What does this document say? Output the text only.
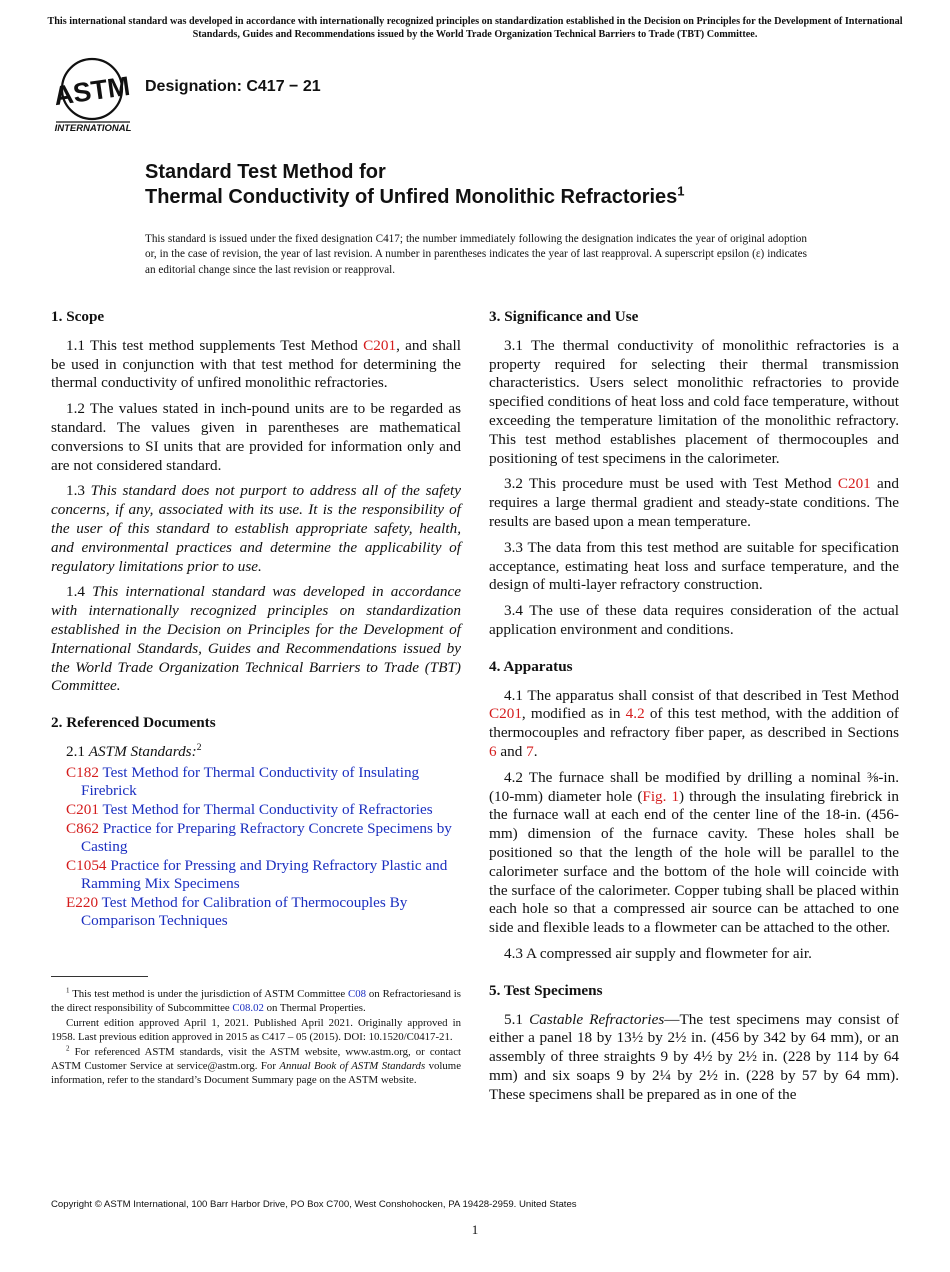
This international standard was developed in accordance with internationally recognized principles on standardization established in the Decision on Principles for the Development of International Standards, Guides and Recommendations issued by the World Trade Organization Technical Barriers to Trade (TBT) Committee.
ASTM
INTERNATIONAL
Designation: C417 − 21
Standard Test Method for
Thermal Conductivity of Unfired Monolithic Refractories$^1$
This standard is issued under the fixed designation C417; the number immediately following the designation indicates the year of original adoption or, in the case of revision, the year of last revision. A number in parentheses indicates the year of last reapproval. A superscript epsilon (ε) indicates an editorial change since the last revision or reapproval.
1. Scope

1.1 This test method supplements Test Method C201, and shall be used in conjunction with that test method for determining the thermal conductivity of unfired monolithic refractories.

1.2 The values stated in inch-pound units are to be regarded as standard. The values given in parentheses are mathematical conversions to SI units that are provided for information only and are not considered standard.

1.3 This standard does not purport to address all of the safety concerns, if any, associated with its use. It is the responsibility of the user of this standard to establish appropriate safety, health, and environmental practices and determine the applicability of regulatory limitations prior to use.

1.4 This international standard was developed in accordance with internationally recognized principles on standardization established in the Decision on Principles for the Development of International Standards, Guides and Recommendations issued by the World Trade Organization Technical Barriers to Trade (TBT) Committee.

2. Referenced Documents

2.1 ASTM Standards:$^2$

C182 Test Method for Thermal Conductivity of Insulating Firebrick
C201 Test Method for Thermal Conductivity of Refractories
C862 Practice for Preparing Refractory Concrete Specimens by Casting
C1054 Practice for Pressing and Drying Refractory Plastic and Ramming Mix Specimens
E220 Test Method for Calibration of Thermocouples By Comparison Techniques

$^1$ This test method is under the jurisdiction of ASTM Committee C08 on Refractoriesand is the direct responsibility of Subcommittee C08.02 on Thermal Properties.

Current edition approved April 1, 2021. Published April 2021. Originally approved in 1958. Last previous edition approved in 2015 as C417 – 05 (2015). DOI: 10.1520/C0417-21.

$^2$ For referenced ASTM standards, visit the ASTM website, www.astm.org, or contact ASTM Customer Service at service@astm.org. For Annual Book of ASTM Standards volume information, refer to the standard’s Document Summary page on the ASTM website.

3. Significance and Use

3.1 The thermal conductivity of monolithic refractories is a property required for selecting their thermal transmission characteristics. Users select monolithic refractories to provide specified conditions of heat loss and cold face temperature, without exceeding the temperature limitation of the monolithic refractory. This test method establishes placement of thermocouples and positioning of test specimens in the calorimeter.

3.2 This procedure must be used with Test Method C201 and requires a large thermal gradient and steady-state conditions. The results are based upon a mean temperature.

3.3 The data from this test method are suitable for specification acceptance, estimating heat loss and surface temperature, and the design of multi-layer refractory construction.

3.4 The use of these data requires consideration of the actual application environment and conditions.

4. Apparatus

4.1 The apparatus shall consist of that described in Test Method C201, modified as in 4.2 of this test method, with the addition of thermocouples and refractory fiber paper, as described in Sections 6 and 7.

4.2 The furnace shall be modified by drilling a nominal ⅜-in. (10-mm) diameter hole (Fig. 1) through the insulating firebrick in the furnace wall at each end of the center line of the 18-in. (456-mm) dimension of the furnace cavity. These holes shall be positioned so that the length of the hole will be parallel to the calorimeter surface and the bottom of the hole will coincide with the surface of the calorimeter. Copper tubing shall be placed within each hole so that a compressed air source can be attached to one side and flexible leads to a flowmeter can be attached to the other.

4.3 A compressed air supply and flowmeter for air.

5. Test Specimens

5.1 Castable Refractories—The test specimens may consist of either a panel 18 by 13½ by 2½ in. (456 by 342 by 64 mm), or an assembly of three straights 9 by 4½ by 2½ in. (228 by 114 by 64 mm) and six soaps 9 by 2¼ by 2½ in. (228 by 57 by 64 mm). These specimens shall be prepared as in one of the

Copyright © ASTM International, 100 Barr Harbor Drive, PO Box C700, West Conshohocken, PA 19428-2959. United States
1
